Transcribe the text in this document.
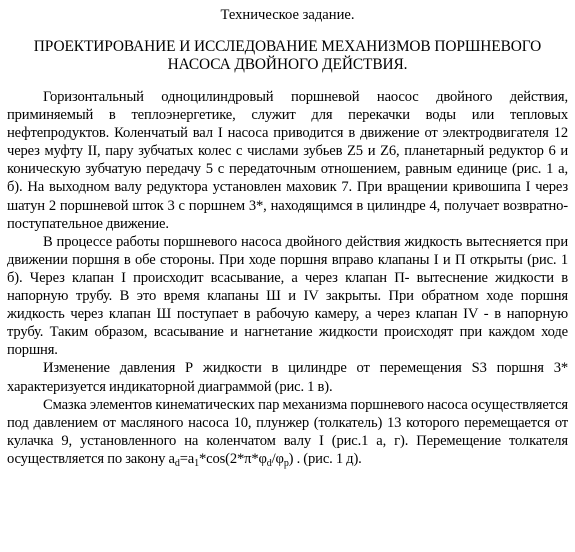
Техническое задание.
ПРОЕКТИРОВАНИЕ И ИССЛЕДОВАНИЕ МЕХАНИЗМОВ ПОРШНЕВОГО
НАСОСА ДВОЙНОГО ДЕЙСТВИЯ.

Горизонтальный одноцилиндровый поршневой наосос двойного действия, приминяемый в теплоэнергетике, служит для перекачки воды или тепловых нефтепродуктов. Коленчатый вал I насоса приводится в движение от электродвигателя 12 через муфту II, пару зубчатых колес с числами зубьев Z5 и Z6, планетарный редуктор 6 и коническую зубчатую передачу 5 с передаточным отношением, равным единице (рис. 1 а, б). На выходном валу редуктора установлен маховик 7. При вращении кривошипа I через шатун 2 поршневой шток 3 с поршнем 3*, находящимся в цилиндре 4, получает возвратно-поступательное движение.

В процессе работы поршневого насоса двойного действия жидкость вытесняется при движении поршня в обе стороны. При ходе поршня вправо клапаны I и П открыты (рис. 1 б). Через клапан I происходит всасывание, а через клапан П- вытеснение жидкости в напорную трубу. В это время клапаны Ш и IV закрыты. При обратном ходе поршня жидкость через клапан Ш поступает в рабочую камеру, а через клапан IV - в напорную трубу. Таким образом, всасывание и нагнетание жидкости происходят при каждом ходе поршня.

Изменение давления Р жидкости в цилиндре от перемещения S3 поршня 3* характеризуется индикаторной диаграммой (рис. 1 в).

Смазка элементов кинематических пар механизма поршневого насоса осуществляется под давлением от масляного насоса 10, плунжер (толкатель) 13 которого перемещается от кулачка 9, установленного на коленчатом валу I (рис.1 а, г). Перемещение толкателя осуществляется по закону $a_d=a_1*\cos(2*\pi*\varphi_d/\varphi_p)$ . (рис. 1 д).
